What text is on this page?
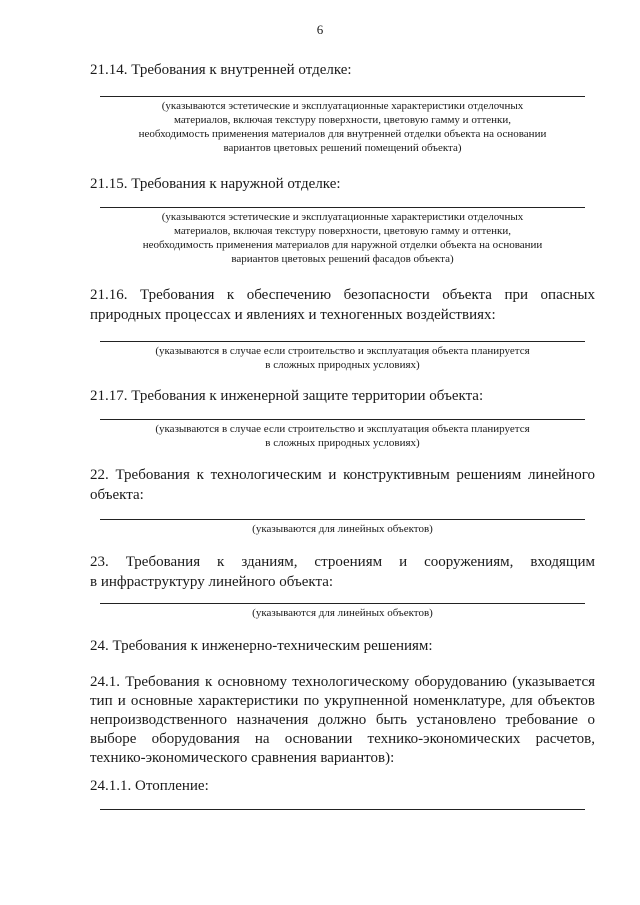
6

21.14. Требования к внутренней отделке:

(указываются эстетические и эксплуатационные характеристики отделочных
материалов, включая текстуру поверхности, цветовую гамму и оттенки,
необходимость применения материалов для внутренней отделки объекта на основании
вариантов цветовых решений помещений объекта)

21.15. Требования к наружной отделке:

(указываются эстетические и эксплуатационные характеристики отделочных
материалов, включая текстуру поверхности, цветовую гамму и оттенки,
необходимость применения материалов для наружной отделки объекта на основании
вариантов цветовых решений фасадов объекта)

21.16. Требования к обеспечению безопасности объекта при опасных

природных процессах и явлениях и техногенных воздействиях:

(указываются в случае если строительство и эксплуатация объекта планируется
в сложных природных условиях)

21.17. Требования к инженерной защите территории объекта:

(указываются в случае если строительство и эксплуатация объекта планируется
в сложных природных условиях)

22. Требования к технологическим и конструктивным решениям линейного

объекта:

(указываются для линейных объектов)

23. Требования к зданиям, строениям и сооружениям, входящим

в инфраструктуру линейного объекта:

(указываются для линейных объектов)

24. Требования к инженерно-техническим решениям:

24.1. Требования к основному технологическому оборудованию (указывается тип и основные характеристики по укрупненной номенклатуре, для объектов непроизводственного назначения должно быть установлено требование о выборе оборудования на основании технико-экономических расчетов, технико-экономического сравнения вариантов):

24.1.1. Отопление:
